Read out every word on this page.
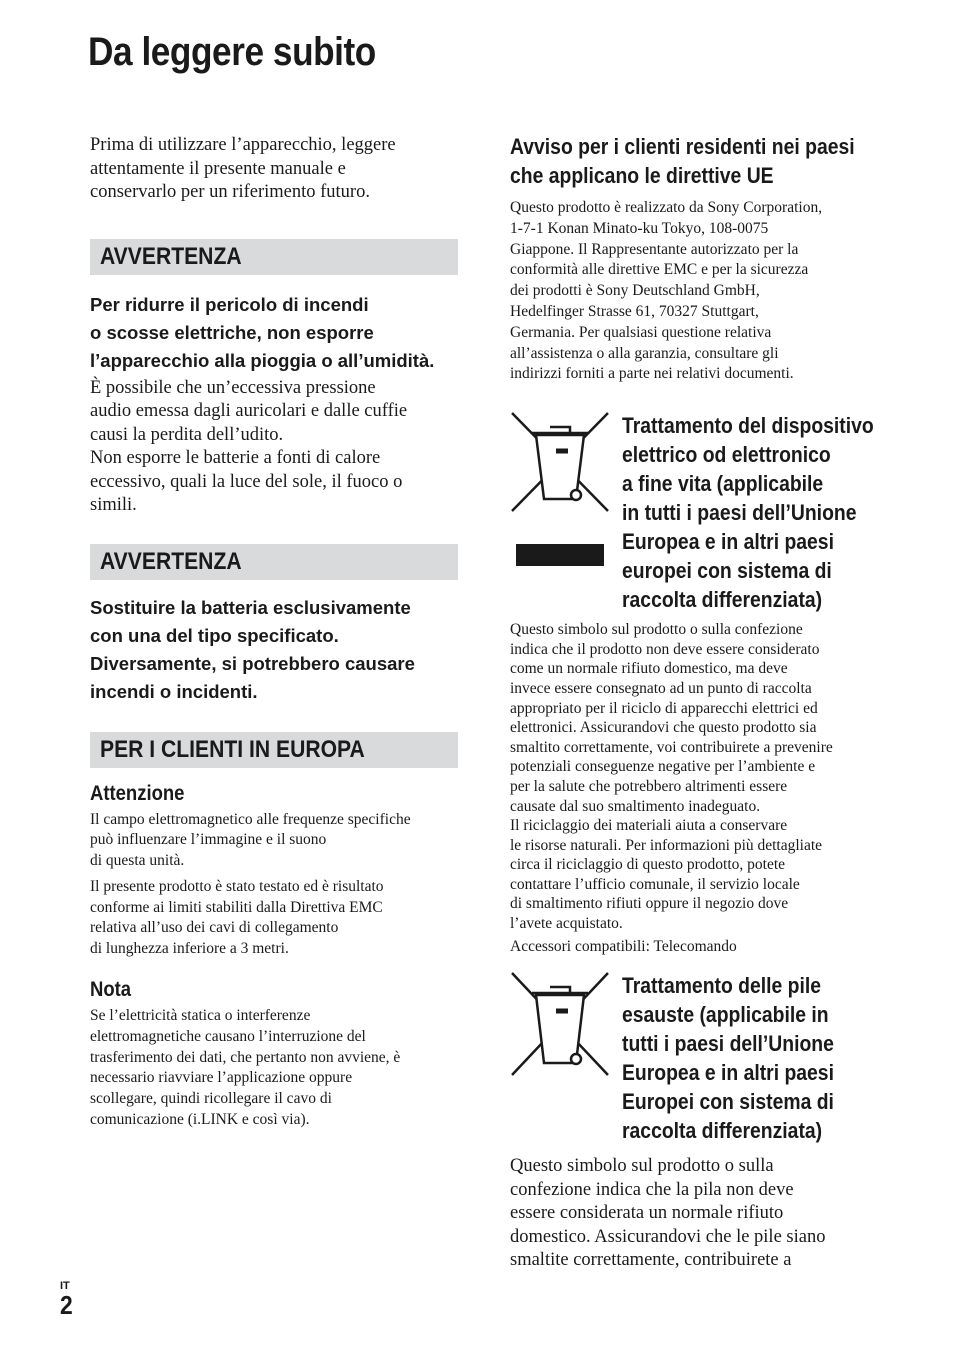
Da leggere subito

Prima di utilizzare l’apparecchio, leggere
attentamente il presente manuale e
conservarlo per un riferimento futuro.

AVVERTENZA

Per ridurre il pericolo di incendi
o scosse elettriche, non esporre
l’apparecchio alla pioggia o all’umidità.

È possibile che un’eccessiva pressione
audio emessa dagli auricolari e dalle cuffie
causi la perdita dell’udito.
Non esporre le batterie a fonti di calore
eccessivo, quali la luce del sole, il fuoco o
simili.

AVVERTENZA

Sostituire la batteria esclusivamente
con una del tipo specificato.
Diversamente, si potrebbero causare
incendi o incidenti.

PER I CLIENTI IN EUROPA
Attenzione

Il campo elettromagnetico alle frequenze specifiche
può influenzare l’immagine e il suono
di questa unità.

Il presente prodotto è stato testato ed è risultato
conforme ai limiti stabiliti dalla Direttiva EMC
relativa all’uso dei cavi di collegamento
di lunghezza inferiore a 3 metri.

Nota

Se l’elettricità statica o interferenze
elettromagnetiche causano l’interruzione del
trasferimento dei dati, che pertanto non avviene, è
necessario riavviare l’applicazione oppure
scollegare, quindi ricollegare il cavo di
comunicazione (i.LINK e così via).

Avviso per i clienti residenti nei paesi
che applicano le direttive UE

Questo prodotto è realizzato da Sony Corporation,
1-7-1 Konan Minato-ku Tokyo, 108-0075
Giappone. Il Rappresentante autorizzato per la
conformità alle direttive EMC e per la sicurezza
dei prodotti è Sony Deutschland GmbH,
Hedelfinger Strasse 61, 70327 Stuttgart,
Germania. Per qualsiasi questione relativa
all’assistenza o alla garanzia, consultare gli
indirizzi forniti a parte nei relativi documenti.

Trattamento del dispositivo
elettrico od elettronico
a fine vita (applicabile
in tutti i paesi dell’Unione
Europea e in altri paesi
europei con sistema di
raccolta differenziata)

Questo simbolo sul prodotto o sulla confezione
indica che il prodotto non deve essere considerato
come un normale rifiuto domestico, ma deve
invece essere consegnato ad un punto di raccolta
appropriato per il riciclo di apparecchi elettrici ed
elettronici. Assicurandovi che questo prodotto sia
smaltito correttamente, voi contribuirete a prevenire
potenziali conseguenze negative per l’ambiente e
per la salute che potrebbero altrimenti essere
causate dal suo smaltimento inadeguato.
Il riciclaggio dei materiali aiuta a conservare
le risorse naturali. Per informazioni più dettagliate
circa il riciclaggio di questo prodotto, potete
contattare l’ufficio comunale, il servizio locale
di smaltimento rifiuti oppure il negozio dove
l’avete acquistato.

Accessori compatibili: Telecomando

Trattamento delle pile
esauste (applicabile in
tutti i paesi dell’Unione
Europea e in altri paesi
Europei con sistema di
raccolta differenziata)

Questo simbolo sul prodotto o sulla
confezione indica che la pila non deve
essere considerata un normale rifiuto
domestico. Assicurandovi che le pile siano
smaltite correttamente, contribuirete a

IT
2
